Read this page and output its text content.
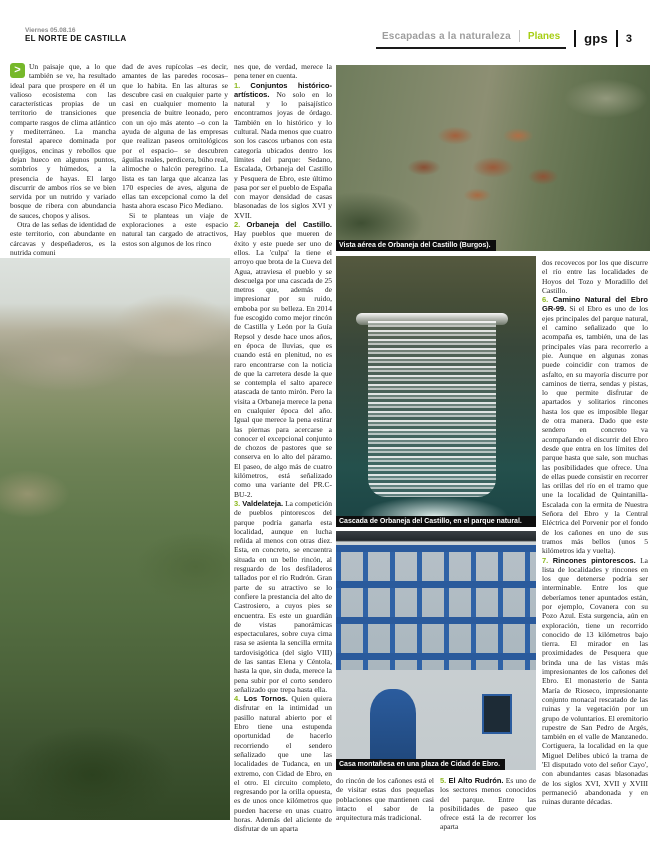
Viernes 05.08.16
EL NORTE DE CASTILLA	Escapadas a la naturaleza Planes gps 3

>	Un paisaje que, a lo que también se ve, ha resultado ideal para que prospere en él un valioso ecosistema con las características propias de un territorio de transiciones que comparte rasgos de clima atlántico y mediterráneo. La mancha forestal aparece dominada por quejigos, encinas y rebollos que dejan hueco en algunos puntos, sombríos y húmedos, a la presencia de hayas. El largo discurrir de ambos ríos se ve bien servida por un nutrido y variado bosque de ribera con abundancia de sauces, chopos y alisos.

Otra de las señas de identidad de este territorio, con abundante en cárcavas y despeñaderos, es la nutrida comuni

dad de aves rupícolas –es decir, amantes de las paredes rocosas– que lo habita. En las alturas se descubre casi en cualquier parte y casi en cualquier momento la presencia de buitre leonado, pero con un ojo más atento –o con la ayuda de alguna de las empresas que realizan paseos ornitológicos por el espacio– se descubren águilas reales, perdicera, búho real, alimoche o halcón peregrino. La lista es tan larga que alcanza las 170 especies de aves, alguna de ellas tan excepcional como la del hasta ahora escaso Pico Mediano.

Si te planteas un viaje de exploraciones a este espacio natural tan cargado de atractivos, estos son algunos de los rinco

nes que, de verdad, merece la pena tener en cuenta.

1. Conjuntos histórico-artísticos. No solo en lo natural y lo paisajístico encontramos joyas de órdago. También en lo histórico y lo cultural. Nada menos que cuatro son los cascos urbanos con esta categoría ubicados dentro los límites del parque: Sedano, Escalada, Orbaneja del Castillo y Pesquera de Ebro, este último pasa por ser el pueblo de España con mayor densidad de casas blasonadas de los siglos XVI y XVII.

2. Orbaneja del Castillo. Hay pueblos que mueren de éxito y este puede ser uno de ellos. La 'culpa' la tiene el arroyo que brota de la Cueva del Agua, atraviesa el pueblo y se descuelga por una cascada de 25 metros que, además de impresionar por su ruido, emboba por su belleza. En 2014 fue escogido como mejor rincón de Castilla y León por la Guía Repsol y desde hace unos años, en época de lluvias, que es cuando está en plenitud, no es raro encontrarse con la noticia de que la carretera desde la que se contempla el salto aparece atascada de tanto mirón. Pero la visita a Orbaneja merece la pena en cualquier época del año. Igual que merece la pena estirar las piernas para acercarse a conocer el excepcional conjunto de chozos de pastores que se conserva en lo alto del páramo. El paseo, de algo más de cuatro kilómetros, está señalizado como una variante del PR.C-BU-2.

3. Valdelateja. La competición de pueblos pintorescos del parque podría ganarla esta localidad, aunque en lucha reñida al menos con otras diez. Esta, en concreto, se encuentra situada en un bello rincón, al resguardo de los desfiladeros tallados por el río Rudrón. Gran parte de su atractivo se lo confiere la prestancia del alto de Castrosiero, a cuyos pies se encuentra. Es este un guardián de vistas panorámicas espectaculares, sobre cuya cima rasa se asienta la sencilla ermita tardovisigótica (del siglo VIII) de las santas Elena y Céntola, hasta la que, sin duda, merece la pena subir por el corto sendero señalizado que trepa hasta ella.

4. Los Tornos. Quien quiera disfrutar en la intimidad un pasillo natural abierto por el Ebro tiene una estupenda oportunidad de hacerlo recorriendo el sendero señalizado que une las localidades de Tudanca, en un extremo, con Cidad de Ebro, en el otro. El circuito completo, regresando por la orilla opuesta, es de unos once kilómetros que pueden hacerse en unas cuatro horas. Además del aliciente de disfrutar de un aparta

Vista aérea de Orbaneja del Castillo (Burgos).
Cascada de Orbaneja del Castillo, en el parque natural.
Casa montañesa en una plaza de Cidad de Ebro.

dos recovecos por los que discurre el río entre las localidades de Hoyos del Tozo y Moradillo del Castillo.

6. Camino Natural del Ebro GR-99. Si el Ebro es uno de los ejes principales del parque natural, el camino señalizado que lo acompaña es, también, una de las principales vías para recorrerlo a pie. Aunque en algunas zonas puede coincidir con tramos de asfalto, en su mayoría discurre por caminos de tierra, sendas y pistas, lo que permite disfrutar de apartados y solitarios rincones hasta los que es imposible llegar de otra manera. Dado que este sendero en concreto va acompañando el discurrir del Ebro desde que entra en los límites del parque hasta que sale, son muchas las posibilidades que ofrece. Una de ellas puede consistir en recorrer las orillas del río en el tramo que une la localidad de Quintanilla-Escalada con la ermita de Nuestra Señora del Ebro y la Central Eléctrica del Porvenir por el fondo de los cañones en uno de sus tramos más bellos (unos 5 kilómetros ida y vuelta).

7. Rincones pintorescos. La lista de localidades y rincones en los que detenerse podría ser interminable. Entre los que deberíamos tener apuntados están, por ejemplo, Covanera con su Pozo Azul. Esta surgencia, aún en exploración, tiene un recorrido conocido de 13 kilómetros bajo tierra. El mirador en las proximidades de Pesquera que brinda una de las vistas más impresionantes de los cañones del Ebro. El monasterio de Santa María de Rioseco, impresionante conjunto monacal rescatado de las ruinas y la vegetación por un grupo de voluntarios. El eremitorio rupestre de San Pedro de Argés, también en el valle de Manzanedo. Cortiguera, la localidad en la que Miguel Delibes ubicó la trama de 'El disputado voto del señor Cayo', con abundantes casas blasonadas de los siglos XVI, XVII y XVIII permaneció abandonada y en ruinas durante décadas.

do rincón de los cañones está el de visitar estas dos pequeñas poblaciones que mantienen casi intacto el sabor de la arquitectura más tradicional.

5. El Alto Rudrón. Es uno de los sectores menos conocidos del parque. Entre las posibilidades de paseo que ofrece está la de recorrer los aparta
